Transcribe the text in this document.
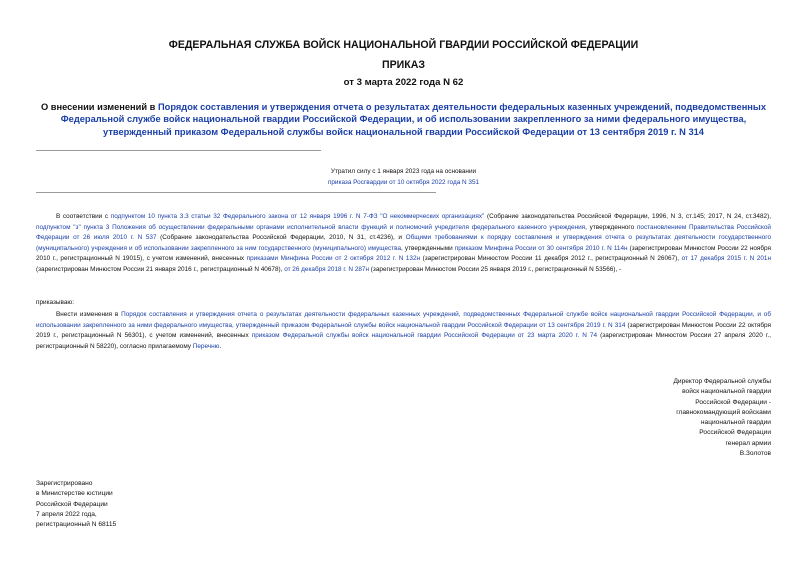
ФЕДЕРАЛЬНАЯ СЛУЖБА ВОЙСК НАЦИОНАЛЬНОЙ ГВАРДИИ РОССИЙСКОЙ ФЕДЕРАЦИИ
ПРИКАЗ
от 3 марта 2022 года N 62
О внесении изменений в Порядок составления и утверждения отчета о результатах деятельности федеральных казенных учреждений, подведомственных Федеральной службе войск национальной гвардии Российской Федерации, и об использовании закрепленного за ними федерального имущества, утвержденный приказом Федеральной службы войск национальной гвардии Российской Федерации от 13 сентября 2019 г. N 314
Утратил силу с 1 января 2023 года на основании
приказа Росгвардии от 10 октября 2022 года N 351
В соответствии с подпунктом 10 пункта 3.3 статьи 32 Федерального закона от 12 января 1996 г. N 7-ФЗ "О некоммерческих организациях" (Собрание законодательства Российской Федерации, 1996, N 3, ст.145; 2017, N 24, ст.3482), подпунктом "з" пункта 3 Положения об осуществлении федеральными органами исполнительной власти функций и полномочий учредителя федерального казенного учреждения, утвержденного постановлением Правительства Российской Федерации от 26 июля 2010 г. N 537 (Собрание законодательства Российской Федерации, 2010, N 31, ст.4236), и Общими требованиями к порядку составления и утверждения отчета о результатах деятельности государственного (муниципального) учреждения и об использовании закрепленного за ним государственного (муниципального) имущества, утвержденными приказом Минфина России от 30 сентября 2010 г. N 114н (зарегистрирован Минюстом России 22 ноября 2010 г., регистрационный N 19015), с учетом изменений, внесенных приказами Минфина России от 2 октября 2012 г. N 132н (зарегистрирован Минюстом России 11 декабря 2012 г., регистрационный N 26067), от 17 декабря 2015 г. N 201н (зарегистрирован Минюстом России 21 января 2016 г., регистрационный N 40678), от 26 декабря 2018 г. N 287н (зарегистрирован Минюстом России 25 января 2019 г., регистрационный N 53566), -
приказываю:
Внести изменения в Порядок составления и утверждения отчета о результатах деятельности федеральных казенных учреждений, подведомственных Федеральной службе войск национальной гвардии Российской Федерации, и об использовании закрепленного за ними федерального имущества, утвержденный приказом Федеральной службы войск национальной гвардии Российской Федерации от 13 сентября 2019 г. N 314 (зарегистрирован Минюстом России 22 октября 2019 г., регистрационный N 56301), с учетом изменений, внесенных приказом Федеральной службы войск национальной гвардии Российской Федерации от 23 марта 2020 г. N 74 (зарегистрирован Минюстом России 27 апреля 2020 г., регистрационный N 58220), согласно прилагаемому Перечню.
Директор Федеральной службы
войск национальной гвардии
Российской Федерации -
главнокомандующий войсками
национальной гвардии
Российской Федерации
генерал армии
В.Золотов
Зарегистрировано
в Министерстве юстиции
Российской Федерации
7 апреля 2022 года,
регистрационный N 68115
